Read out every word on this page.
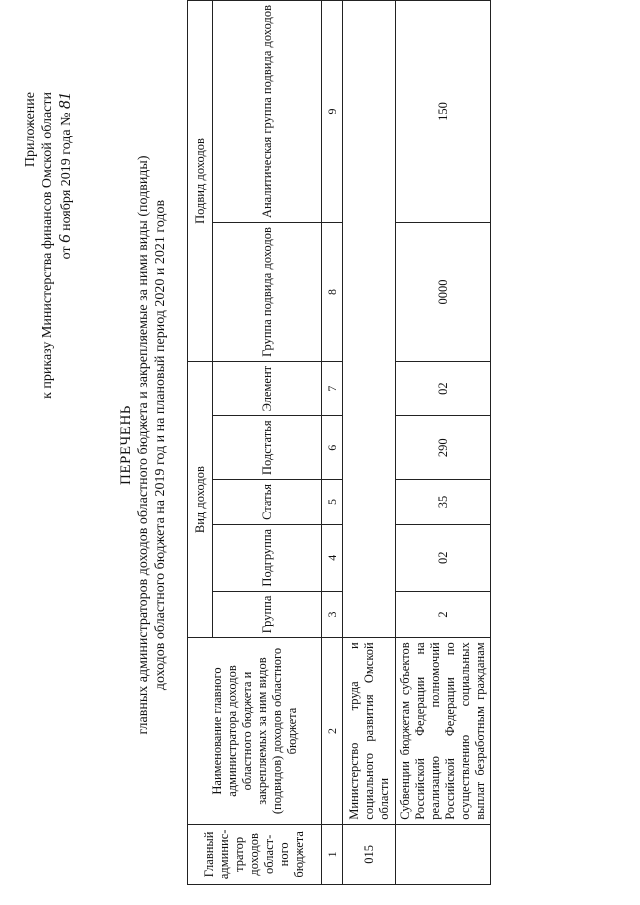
Приложение к приказу Министерства финансов Омской области от 6 ноября 2019 года № 81
ПЕРЕЧЕНЬ главных администраторов доходов областного бюджета и закрепляемые за ними виды (подвиды) доходов областного бюджета на 2019 год и на плановый период 2020 и 2021 годов
Главный админис-тратор доходов област-ного бюджета	Наименование главного администратора доходов областного бюджета и закрепляемых за ним видов (подвидов) доходов областного бюджета	Вид доходов					Подвид доходов	
		Группа	Подгруппа	Статья	Подстатья	Элемент	Группа подвида доходов	Аналитическая группа подвида доходов
1	2	3	4	5	6	7	8	9
015	Министерство труда и социального развития Омской области							
	Субвенции бюджетам субъектов Российской Федерации на реализацию полномочий Российской Федерации по осуществлению социальных выплат безработным гражданам	2	02	35	290	02	0000	150
